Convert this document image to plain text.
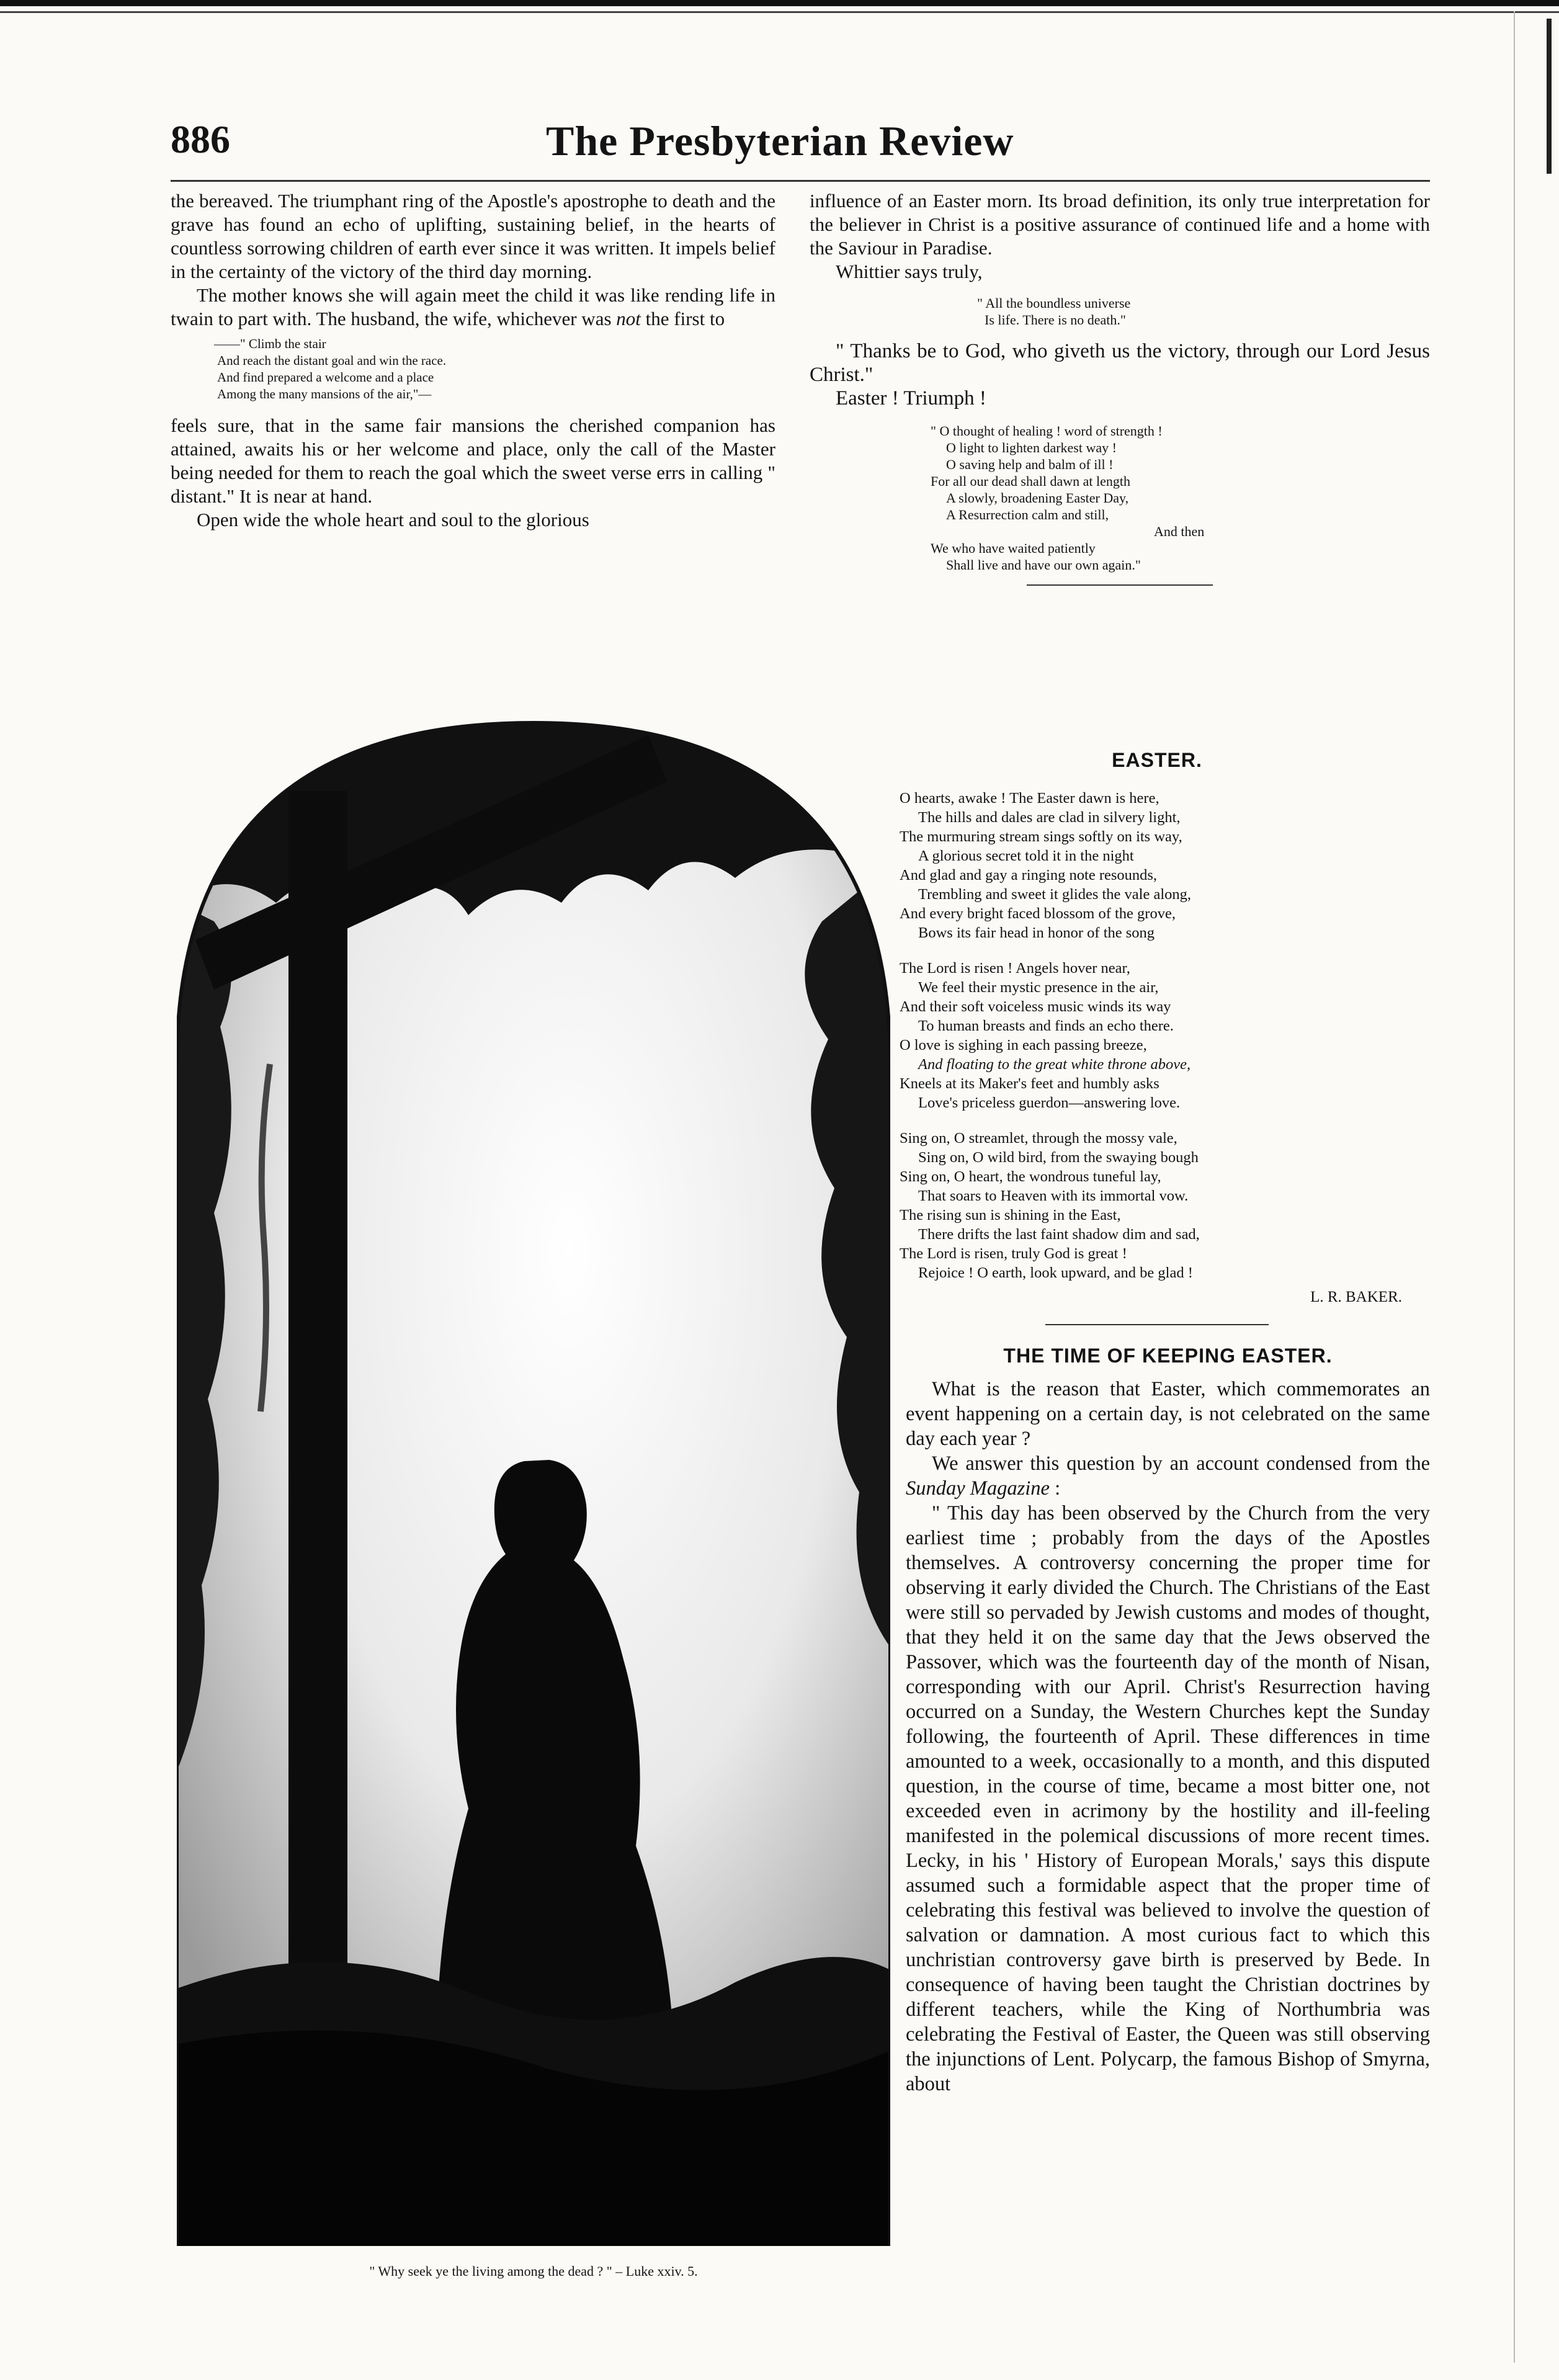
886	The Presbyterian Review

the bereaved. The triumphant ring of the Apostle's apostrophe to death and the grave has found an echo of uplifting, sustaining belief, in the hearts of countless sorrowing children of earth ever since it was written. It impels belief in the certainty of the victory of the third day morning.

The mother knows she will again meet the child it was like rending life in twain to part with. The husband, the wife, whichever was not the first to

——" Climb the stair
And reach the distant goal and win the race.
And find prepared a welcome and a place
Among the many mansions of the air,"—

feels sure, that in the same fair mansions the cherished companion has attained, awaits his or her welcome and place, only the call of the Master being needed for them to reach the goal which the sweet verse errs in calling " distant." It is near at hand.

Open wide the whole heart and soul to the glorious

influence of an Easter morn. Its broad definition, its only true interpretation for the believer in Christ is a positive assurance of continued life and a home with the Saviour in Paradise.

Whittier says truly,

" All the boundless universe
Is life. There is no death."

" Thanks be to God, who giveth us the victory, through our Lord Jesus Christ."

Easter ! Triumph !

" O thought of healing ! word of strength !
O light to lighten darkest way !
O saving help and balm of ill !
For all our dead shall dawn at length
A slowly, broadening Easter Day,
A Resurrection calm and still,
And then
We who have waited patiently
Shall live and have our own again."
EASTER.
O hearts, awake ! The Easter dawn is here,
The hills and dales are clad in silvery light,
The murmuring stream sings softly on its way,
A glorious secret told it in the night
And glad and gay a ringing note resounds,
Trembling and sweet it glides the vale along,
And every bright faced blossom of the grove,
Bows its fair head in honor of the song
The Lord is risen ! Angels hover near,
We feel their mystic presence in the air,
And their soft voiceless music winds its way
To human breasts and finds an echo there.
O love is sighing in each passing breeze,
And floating to the great white throne above,
Kneels at its Maker's feet and humbly asks
Love's priceless guerdon—answering love.
Sing on, O streamlet, through the mossy vale,
Sing on, O wild bird, from the swaying bough
Sing on, O heart, the wondrous tuneful lay,
That soars to Heaven with its immortal vow.
The rising sun is shining in the East,
There drifts the last faint shadow dim and sad,
The Lord is risen, truly God is great !
Rejoice ! O earth, look upward, and be glad !
L. R. BAKER.
THE TIME OF KEEPING EASTER.

What is the reason that Easter, which commemorates an event happening on a certain day, is not celebrated on the same day each year ?

We answer this question by an account condensed from the Sunday Magazine :

" This day has been observed by the Church from the very earliest time ; probably from the days of the Apostles themselves. A controversy concerning the proper time for observing it early divided the Church. The Christians of the East were still so pervaded by Jewish customs and modes of thought, that they held it on the same day that the Jews observed the Passover, which was the fourteenth day of the month of Nisan, corresponding with our April. Christ's Resurrection having occurred on a Sunday, the Western Churches kept the Sunday following, the fourteenth of April. These differences in time amounted to a week, occasionally to a month, and this disputed question, in the course of time, became a most bitter one, not exceeded even in acrimony by the hostility and ill-feeling manifested in the polemical discussions of more recent times. Lecky, in his ' History of European Morals,' says this dispute assumed such a formidable aspect that the proper time of celebrating this festival was believed to involve the question of salvation or damnation. A most curious fact to which this unchristian controversy gave birth is preserved by Bede. In consequence of having been taught the Christian doctrines by different teachers, while the King of Northumbria was celebrating the Festival of Easter, the Queen was still observing the injunctions of Lent. Polycarp, the famous Bishop of Smyrna, about

" Why seek ye the living among the dead ? " – Luke xxiv. 5.
